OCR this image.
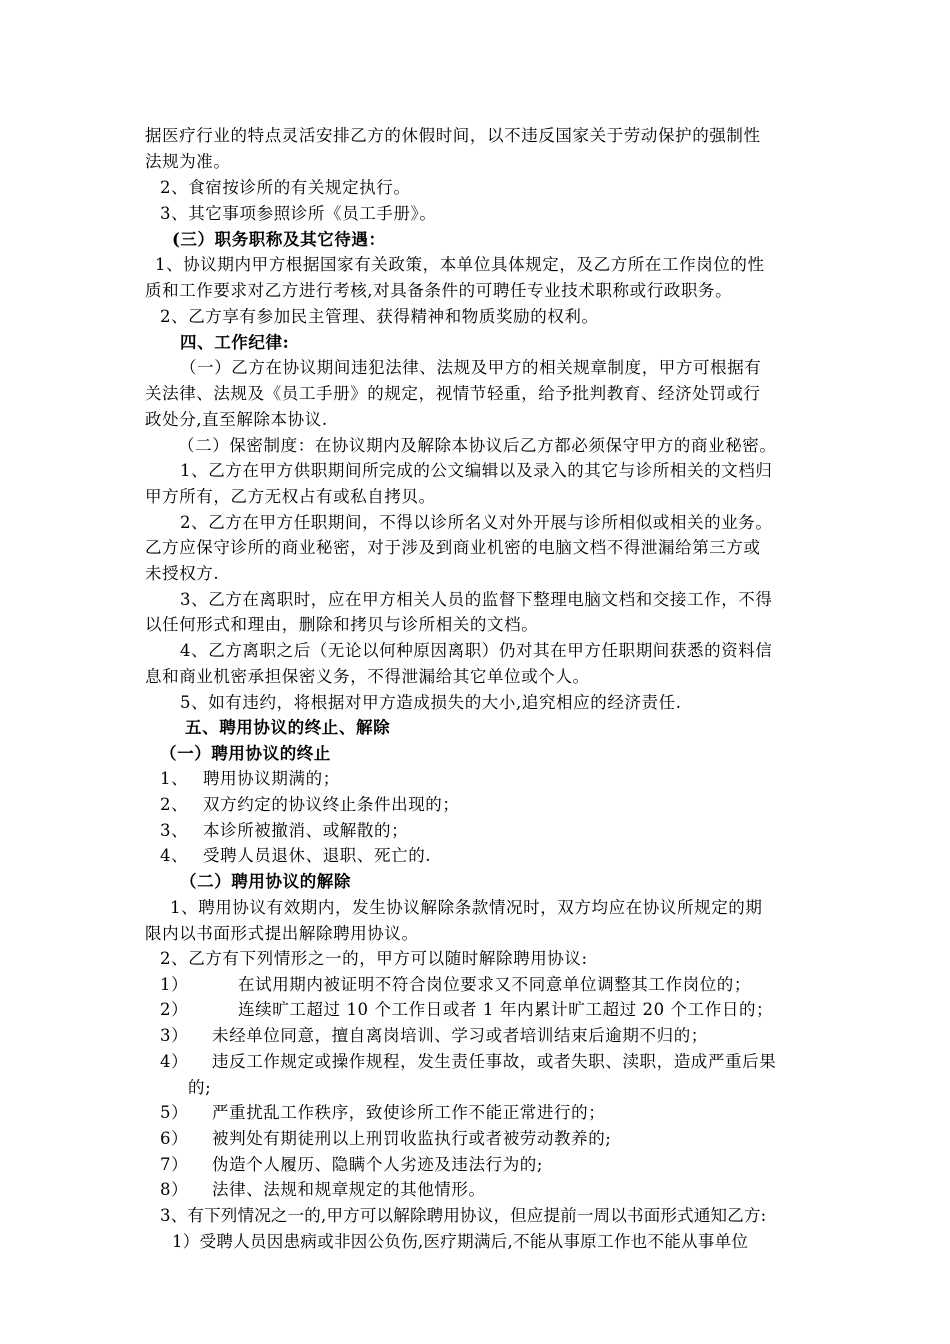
据医疗行业的特点灵活安排乙方的休假时间，以不违反国家关于劳动保护的强制性
法规为准。
2、食宿按诊所的有关规定执行。
3、其它事项参照诊所《员工手册》。
(三）职务职称及其它待遇：
1、协议期内甲方根据国家有关政策，本单位具体规定，及乙方所在工作岗位的性
质和工作要求对乙方进行考核,对具备条件的可聘任专业技术职称或行政职务。
2、乙方享有参加民主管理、获得精神和物质奖励的权利。
四、工作纪律:
（一）乙方在协议期间违犯法律、法规及甲方的相关规章制度，甲方可根据有
关法律、法规及《员工手册》的规定，视情节轻重，给予批判教育、经济处罚或行
政处分,直至解除本协议.
（二）保密制度：在协议期内及解除本协议后乙方都必须保守甲方的商业秘密。
1、乙方在甲方供职期间所完成的公文编辑以及录入的其它与诊所相关的文档归
甲方所有，乙方无权占有或私自拷贝。
2、乙方在甲方任职期间，不得以诊所名义对外开展与诊所相似或相关的业务。
乙方应保守诊所的商业秘密，对于涉及到商业机密的电脑文档不得泄漏给第三方或
未授权方.
3、乙方在离职时，应在甲方相关人员的监督下整理电脑文档和交接工作，不得
以任何形式和理由，删除和拷贝与诊所相关的文档。
4、乙方离职之后（无论以何种原因离职）仍对其在甲方任职期间获悉的资料信
息和商业机密承担保密义务，不得泄漏给其它单位或个人。
5、如有违约，将根据对甲方造成损失的大小,追究相应的经济责任.
五、聘用协议的终止、解除
（一）聘用协议的终止
1、 聘用协议期满的；
2、 双方约定的协议终止条件出现的；
3、 本诊所被撤消、或解散的；
4、 受聘人员退休、退职、死亡的.
（二）聘用协议的解除
1、聘用协议有效期内，发生协议解除条款情况时，双方均应在协议所规定的期
限内以书面形式提出解除聘用协议。
2、乙方有下列情形之一的，甲方可以随时解除聘用协议:
1）	在试用期内被证明不符合岗位要求又不同意单位调整其工作岗位的；
2）	连续旷工超过 10 个工作日或者 1 年内累计旷工超过 20 个工作日的；
3） 未经单位同意，擅自离岗培训、学习或者培训结束后逾期不归的；
4） 违反工作规定或操作规程，发生责任事故，或者失职、渎职，造成严重后果
的;
5） 严重扰乱工作秩序，致使诊所工作不能正常进行的；
6） 被判处有期徒刑以上刑罚收监执行或者被劳动教养的;
7） 伪造个人履历、隐瞒个人劣迹及违法行为的;
8） 法律、法规和规章规定的其他情形。
3、有下列情况之一的,甲方可以解除聘用协议，但应提前一周以书面形式通知乙方:
1）受聘人员因患病或非因公负伤,医疗期满后,不能从事原工作也不能从事单位
